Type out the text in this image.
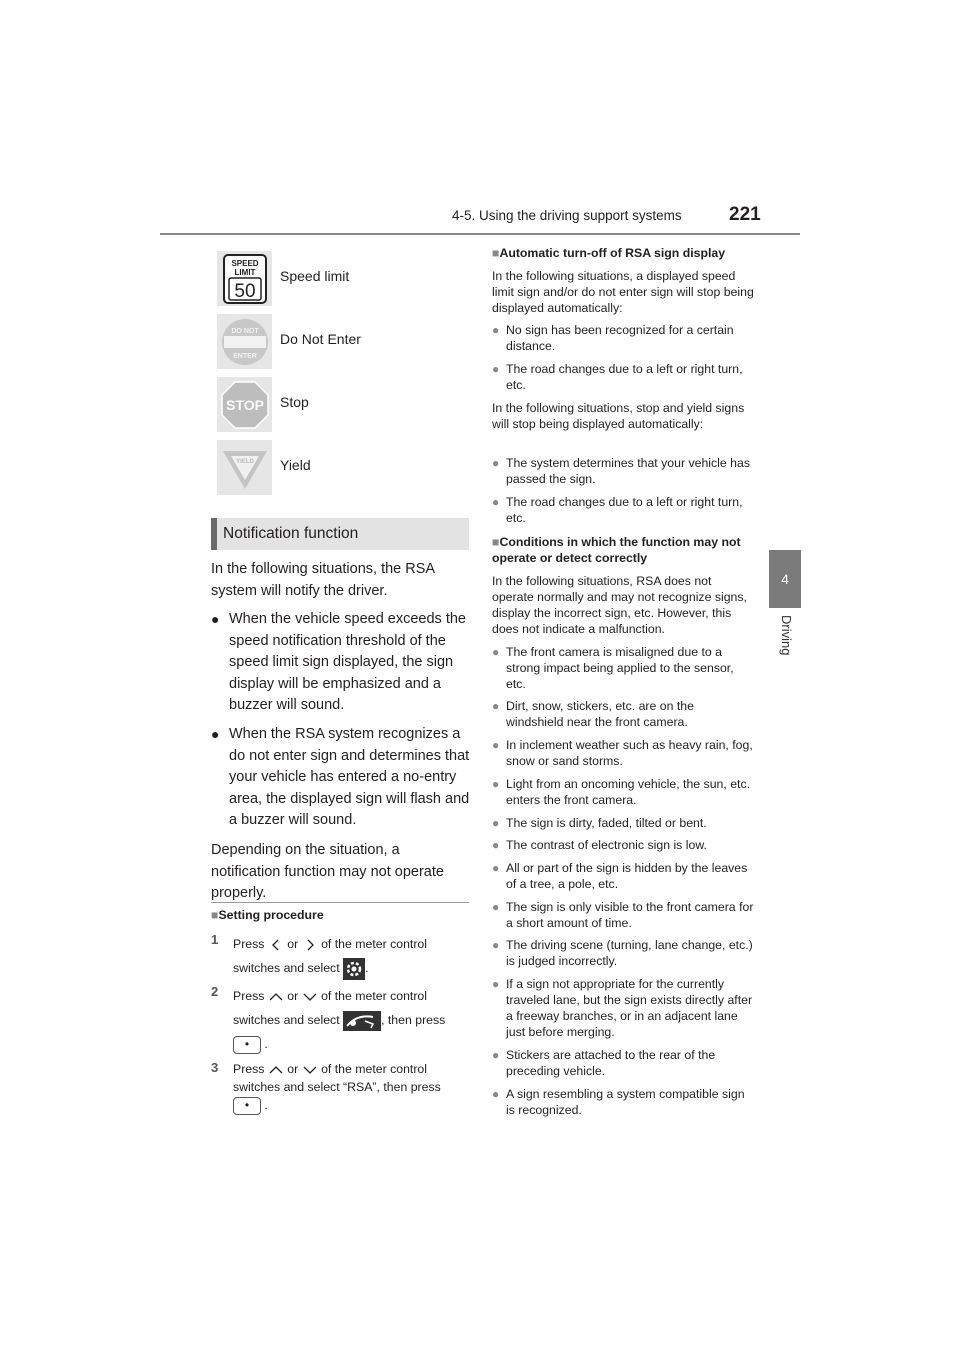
4-5. Using the driving support systems 221
4
Driving
SPEED
LIMIT
50
Speed limit
DO NOT
ENTER
Do Not Enter
STOP Stop
YIELD Yield
Notification function
In the following situations, the RSA system will notify the driver.
● When the vehicle speed exceeds the speed notification threshold of the speed limit sign displayed, the sign display will be emphasized and a buzzer will sound.
● When the RSA system recognizes a do not enter sign and determines that your vehicle has entered a no-entry area, the displayed sign will flash and a buzzer will sound.
Depending on the situation, a notification function may not operate properly.
■Setting procedure
1 Press or of the meter control switches and select .
2 Press or of the meter control switches and select	, then press
• .
3 Press or of the meter control switches and select “RSA”, then press
• .
■Automatic turn-off of RSA sign display
In the following situations, a displayed speed limit sign and/or do not enter sign will stop being displayed automatically:
● No sign has been recognized for a certain distance.
● The road changes due to a left or right turn, etc.
In the following situations, stop and yield signs will stop being displayed automatically:
● The system determines that your vehicle has passed the sign.
● The road changes due to a left or right turn, etc.
■Conditions in which the function may not operate or detect correctly
In the following situations, RSA does not operate normally and may not recognize signs, display the incorrect sign, etc. However, this does not indicate a malfunction.
● The front camera is misaligned due to a strong impact being applied to the sensor, etc.
● Dirt, snow, stickers, etc. are on the windshield near the front camera.
● In inclement weather such as heavy rain, fog, snow or sand storms.
● Light from an oncoming vehicle, the sun, etc. enters the front camera.
● The sign is dirty, faded, tilted or bent.
● The contrast of electronic sign is low.
● All or part of the sign is hidden by the leaves of a tree, a pole, etc.
● The sign is only visible to the front camera for a short amount of time.
● The driving scene (turning, lane change, etc.) is judged incorrectly.
● If a sign not appropriate for the currently traveled lane, but the sign exists directly after a freeway branches, or in an adjacent lane just before merging.
● Stickers are attached to the rear of the preceding vehicle.
● A sign resembling a system compatible sign is recognized.
